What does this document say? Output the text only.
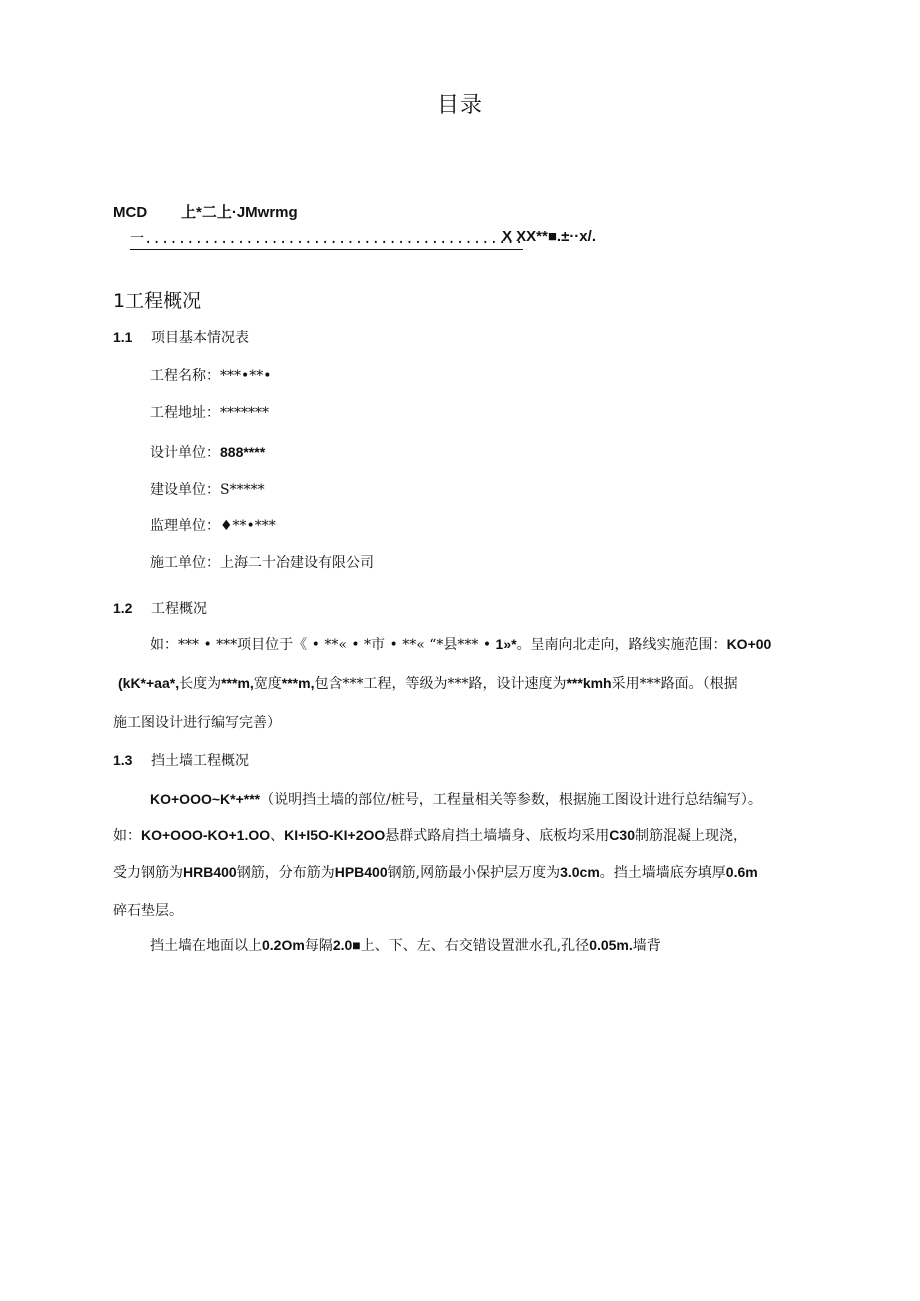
目录
MCD 上*二上·JMwrmg
一.............................................
X XX**■.±··x/.
1工程概况
1.1 项目基本情况表
工程名称：***•**•
工程地址：*******
设计单位：888****
建设单位：S*****
监理单位：♦**•***
施工单位：上海二十冶建设有限公司
1.2 工程概况
如：*** • ***项目位于《 • **« • *市 • **« “*县*** • 1»*。呈南向北走向，路线实施范围：KO+00
(kK*+aa*,长度为***m,宽度***m,包含***工程，等级为***路，设计速度为***kmh采用***路面。（根据
施工图设计进行编写完善）
1.3 挡土墙工程概况
KO+OOO~K*+***（说明挡土墙的部位/桩号，工程量相关等参数，根据施工图设计进行总结编写）。
如：KO+OOO-KO+1.OO、KI+I5O-KI+2OO悬群式路肩挡土墙墙身、底板均采用C30制筋混凝上现浇，
受力钢筋为HRB400钢筋，分布筋为HPB400钢筋,网筋最小保护层万度为3.0cm。挡土墙墙底夯填厚0.6m
碎石垫层。
挡土墙在地面以上0.2Om每隔2.0■上、下、左、右交错设置泄水孔,孔径0.05m.墙背
